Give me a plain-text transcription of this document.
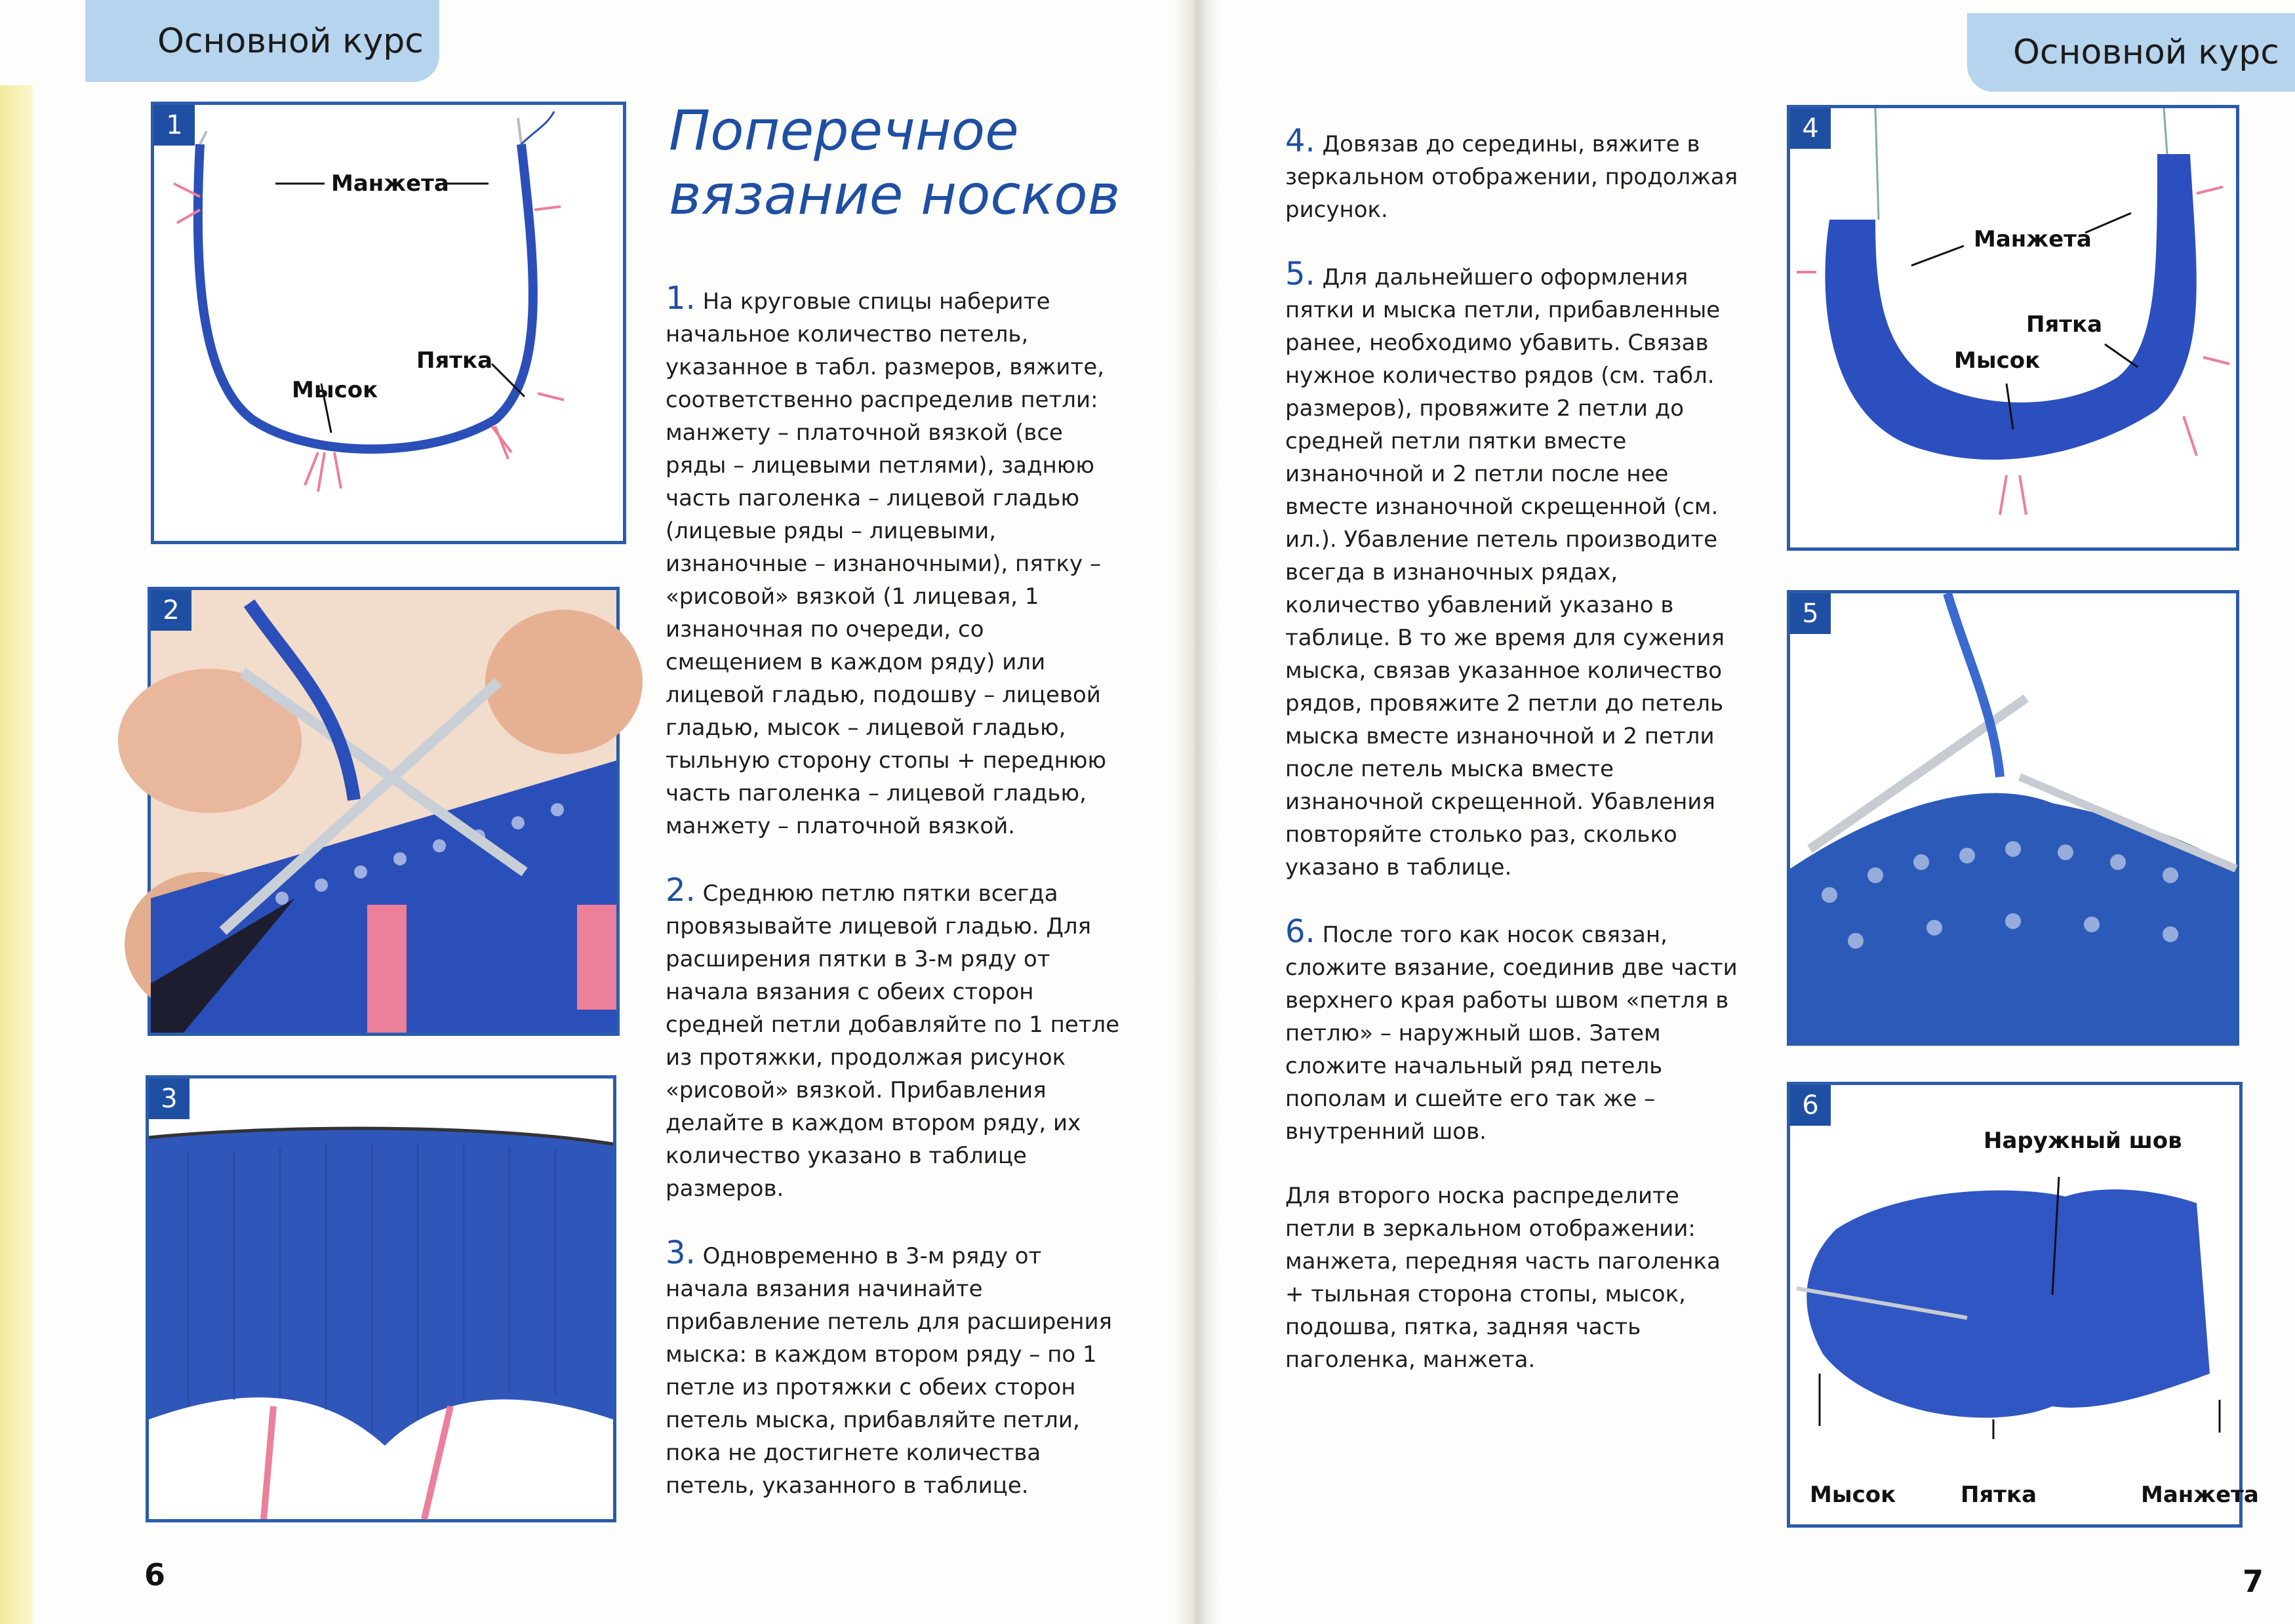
Основной курс	Основной курс
1
Манжета
Пятка
Мысок
2
3
Поперечное
вязание носков

1. На круговые спицы наберите начальное количество петель, указанное в табл. размеров, вяжите, соответственно распределив петли: манжету – платочной вязкой (все ряды – лицевыми петлями), заднюю часть паголенка – лицевой гладью (лицевые ряды – лицевыми, изнаночные – изнаночными), пятку – «рисовой» вязкой (1 лицевая, 1 изнаночная по очереди, со смещением в каждом ряду) или лицевой гладью, подошву – лицевой гладью, мысок – лицевой гладью, тыльную сторону стопы + переднюю часть паголенка – лицевой гладью, манжету – платочной вязкой.

2. Среднюю петлю пятки всегда провязывайте лицевой гладью. Для расширения пятки в 3-м ряду от начала вязания с обеих сторон средней петли добавляйте по 1 петле из протяжки, продолжая рисунок «рисовой» вязкой. Прибавления делайте в каждом втором ряду, их количество указано в таблице размеров.

3. Одновременно в 3-м ряду от начала вязания начинайте прибавление петель для расширения мыска: в каждом втором ряду – по 1 петле из протяжки с обеих сторон петель мыска, прибавляйте петли, пока не достигнете количества петель, указанного в таблице.

4. Довязав до середины, вяжите в зеркальном отображении, продолжая рисунок.

5. Для дальнейшего оформления пятки и мыска петли, прибавленные ранее, необходимо убавить. Связав нужное количество рядов (см. табл. размеров), провяжите 2 петли до средней петли пятки вместе изнаночной и 2 петли после нее вместе изнаночной скрещенной (см. ил.). Убавление петель производите всегда в изнаночных рядах, количество убавлений указано в таблице. В то же время для сужения мыска, связав указанное количество рядов, провяжите 2 петли до петель мыска вместе изнаночной и 2 петли после петель мыска вместе изнаночной скрещенной. Убавления повторяйте столько раз, сколько указано в таблице.

6. После того как носок связан, сложите вязание, соединив две части верхнего края работы швом «петля в петлю» – наружный шов. Затем сложите начальный ряд петель пополам и сшейте его так же – внутренний шов.

Для второго носка распределите петли в зеркальном отображении: манжета, передняя часть паголенка + тыльная сторона стопы, мысок, подошва, пятка, задняя часть паголенка, манжета.

4
Манжета
Пятка
Мысок
5
6
Наружный шов
Мысок	Пятка	Манжета
6	7
